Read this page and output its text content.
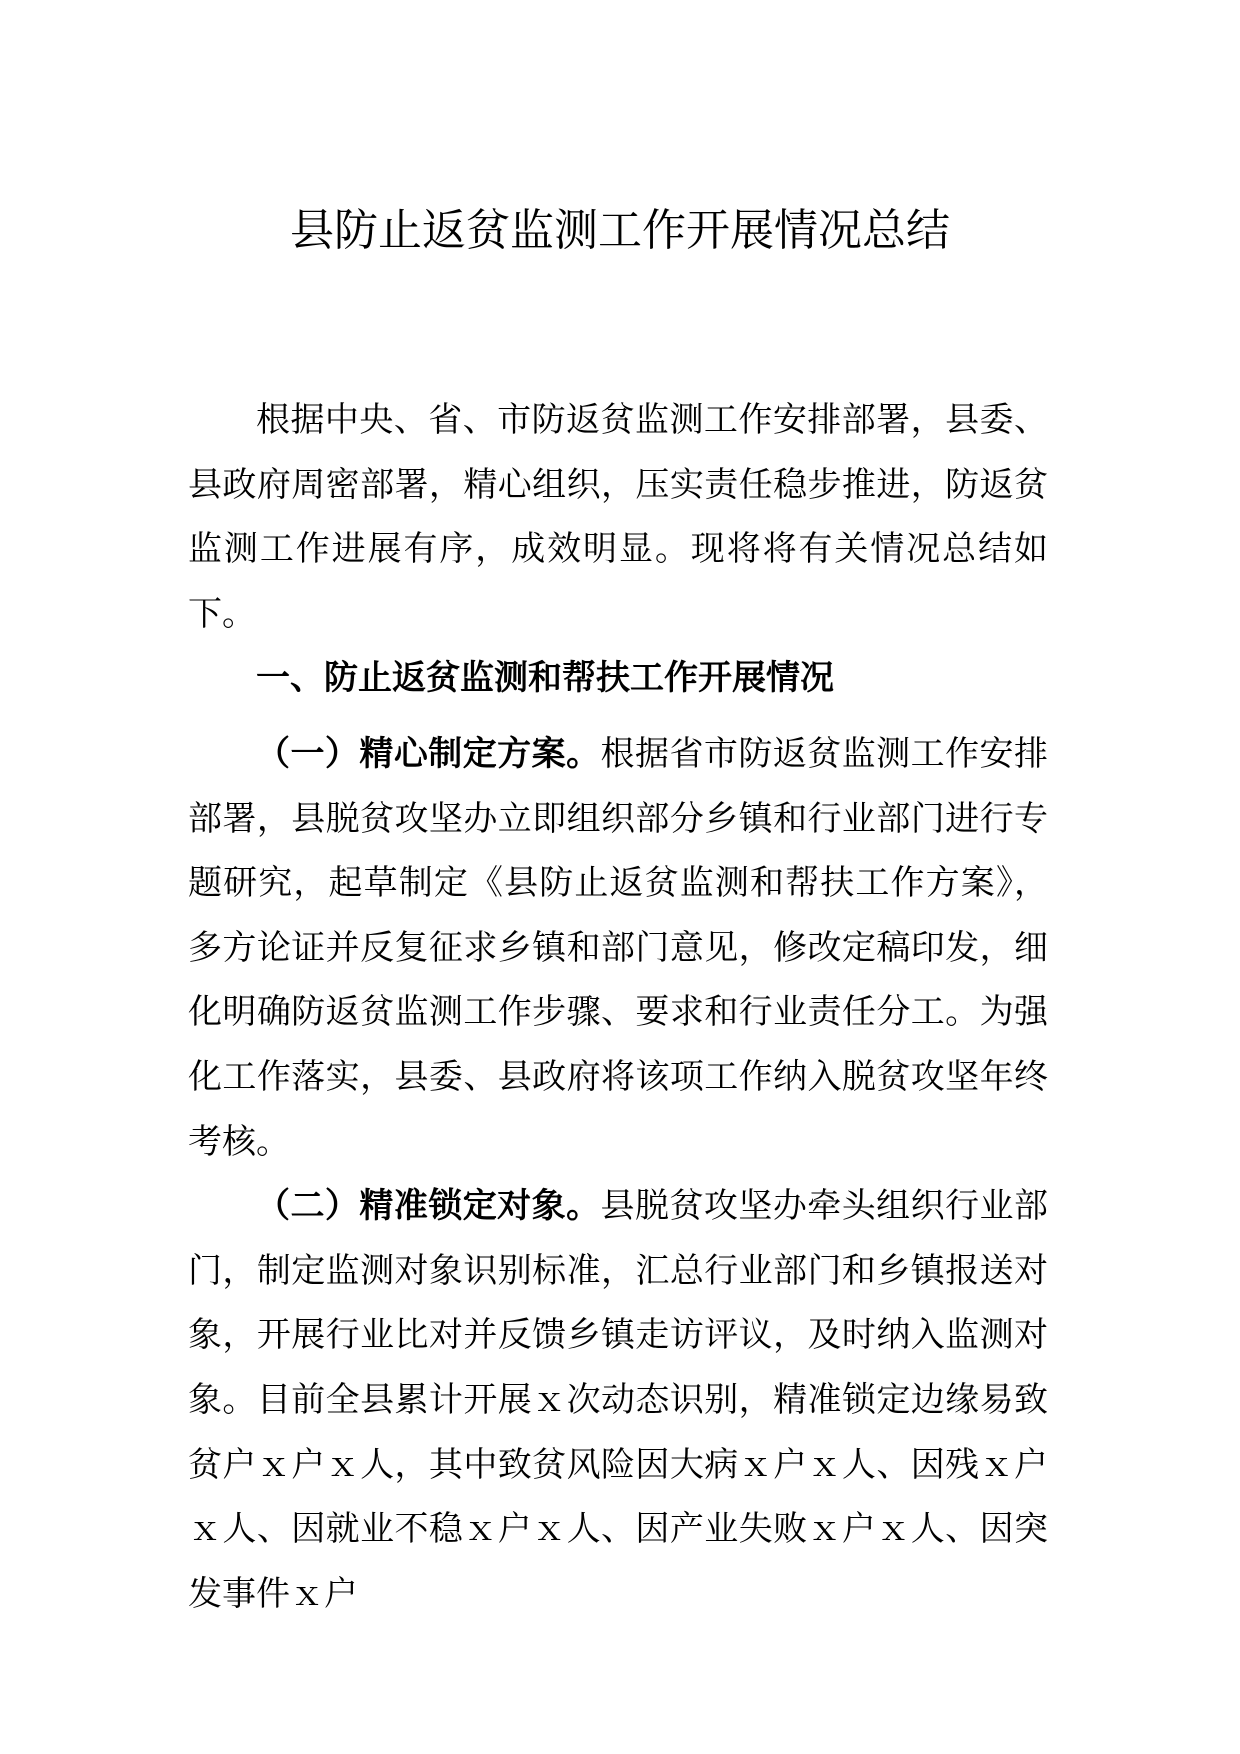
县防止返贫监测工作开展情况总结

根据中央、省、市防返贫监测工作安排部署，县委、县政府周密部署，精心组织，压实责任稳步推进，防返贫监测工作进展有序，成效明显。现将将有关情况总结如下。

一、防止返贫监测和帮扶工作开展情况

（一）精心制定方案。根据省市防返贫监测工作安排部署，县脱贫攻坚办立即组织部分乡镇和行业部门进行专题研究，起草制定《县防止返贫监测和帮扶工作方案》，多方论证并反复征求乡镇和部门意见，修改定稿印发，细化明确防返贫监测工作步骤、要求和行业责任分工。为强化工作落实，县委、县政府将该项工作纳入脱贫攻坚年终考核。

（二）精准锁定对象。县脱贫攻坚办牵头组织行业部门，制定监测对象识别标准，汇总行业部门和乡镇报送对象，开展行业比对并反馈乡镇走访评议，及时纳入监测对象。目前全县累计开展ｘ次动态识别，精准锁定边缘易致贫户ｘ户ｘ人，其中致贫风险因大病ｘ户ｘ人、因残ｘ户ｘ人、因就业不稳ｘ户ｘ人、因产业失败ｘ户ｘ人、因突发事件ｘ户
